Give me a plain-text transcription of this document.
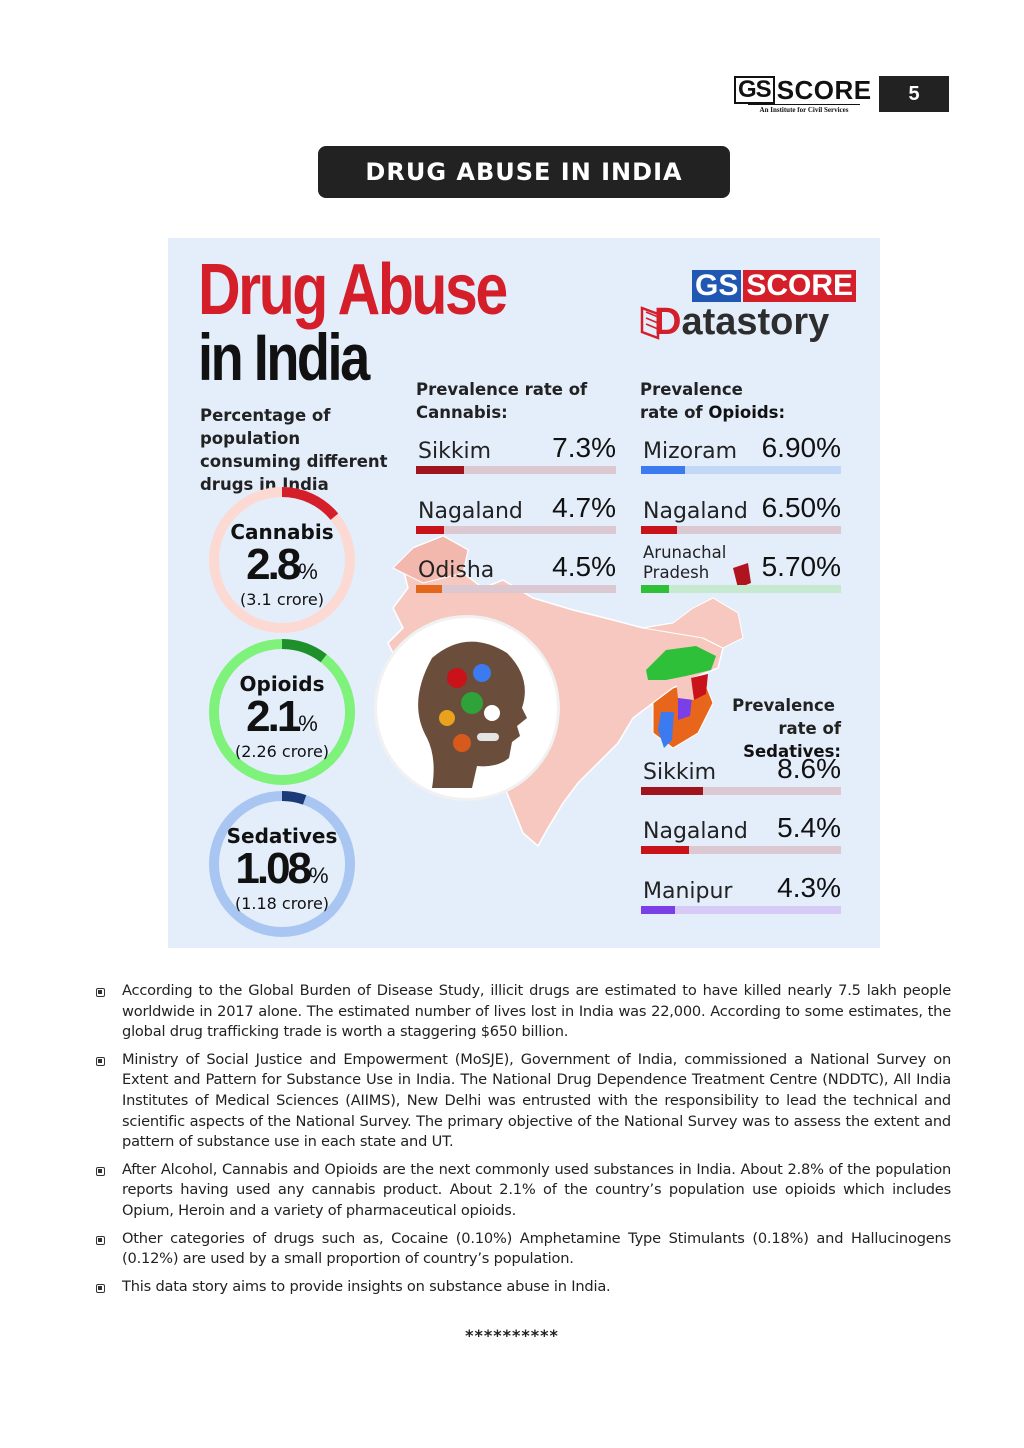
GS SCORE
An Institute for Civil Services
5
DRUG ABUSE IN INDIA
Drug Abuse
in India
GS SCORE
Datastory
Percentage of population consuming different drugs in India
Cannabis
2.8%
(3.1 crore)
Opioids
2.1%
(2.26 crore)
Sedatives
1.08%
(1.18 crore)
Prevalence rate of
Cannabis:
Sikkim 7.3%
Nagaland 4.7%
Odisha 4.5%
Prevalence
rate of Opioids:
Mizoram 6.90%
Nagaland 6.50%
Arunachal
Pradesh	5.70%
Prevalence
rate of Sedatives:
Sikkim 8.6%
Nagaland 5.4%
Manipur 4.3%
According to the Global Burden of Disease Study, illicit drugs are estimated to have killed nearly 7.5 lakh people worldwide in 2017 alone. The estimated number of lives lost in India was 22,000. According to some estimates, the global drug trafficking trade is worth a staggering $650 billion.
Ministry of Social Justice and Empowerment (MoSJE), Government of India, commissioned a National Survey on Extent and Pattern for Substance Use in India. The National Drug Dependence Treatment Centre (NDDTC), All India Institutes of Medical Sciences (AIIMS), New Delhi was entrusted with the responsibility to lead the technical and scientific aspects of the National Survey. The primary objective of the National Survey was to assess the extent and pattern of substance use in each state and UT.
After Alcohol, Cannabis and Opioids are the next commonly used substances in India. About 2.8% of the population reports having used any cannabis product. About 2.1% of the country’s population use opioids which includes Opium, Heroin and a variety of pharmaceutical opioids.
Other categories of drugs such as, Cocaine (0.10%) Amphetamine Type Stimulants (0.18%) and Hallucinogens (0.12%) are used by a small proportion of country’s population.
This data story aims to provide insights on substance abuse in India.
**********
